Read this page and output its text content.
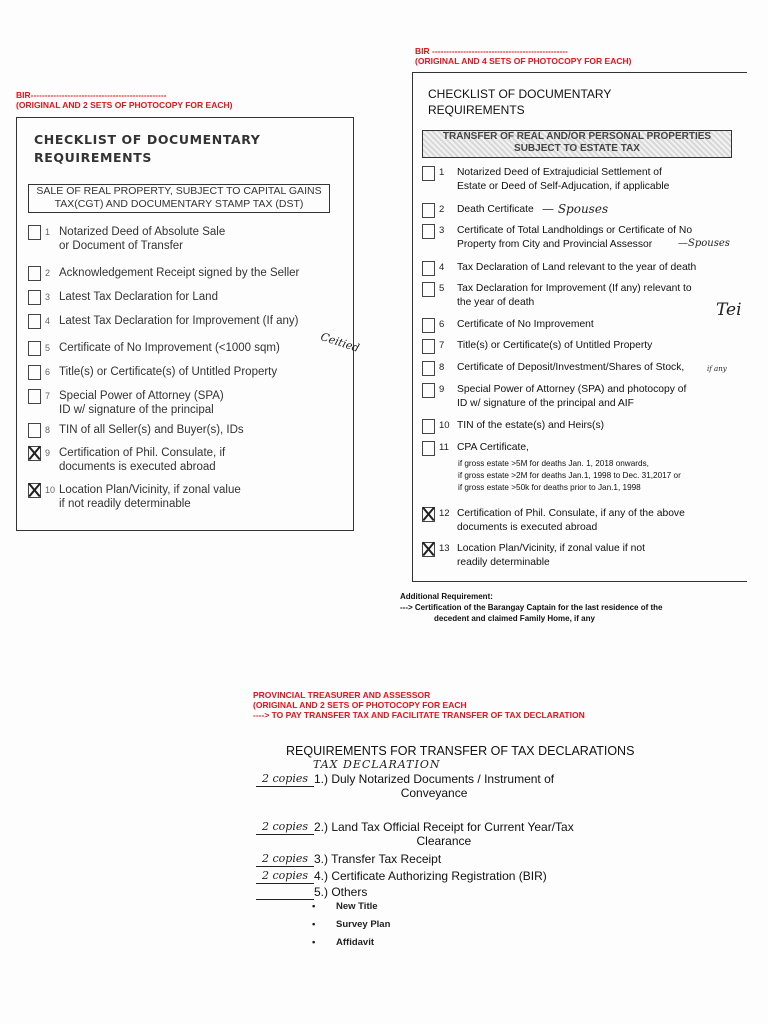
BIR------------------------------------------------
(ORIGINAL AND 2 SETS OF PHOTOCOPY FOR EACH)
CHECKLIST OF DOCUMENTARY
REQUIREMENTS
SALE OF REAL PROPERTY, SUBJECT TO CAPITAL GAINS
TAX(CGT) AND DOCUMENTARY STAMP TAX (DST)
1 Notarized Deed of Absolute Sale
or Document of Transfer
2 Acknowledgement Receipt signed by the Seller
3 Latest Tax Declaration for Land
4 Latest Tax Declaration for Improvement (If any)
5 Certificate of No Improvement (<1000 sqm)
6 Title(s) or Certificate(s) of Untitled Property
7 Special Power of Attorney (SPA)
ID w/ signature of the principal
8 TIN of all Seller(s) and Buyer(s), IDs
9 Certification of Phil. Consulate, if
documents is executed abroad
10 Location Plan/Vicinity, if zonal value
if not readily determinable
Ceitied
BIR ------------------------------------------------
(ORIGINAL AND 4 SETS OF PHOTOCOPY FOR EACH)
CHECKLIST OF DOCUMENTARY
REQUIREMENTS
TRANSFER OF REAL AND/OR PERSONAL PROPERTIES
SUBJECT TO ESTATE TAX
1	Notarized Deed of Extrajudicial Settlement of
Estate or Deed of Self-Adjucation, if applicable
2	Death Certificate
3	Certificate of Total Landholdings or Certificate of No
Property from City and Provincial Assessor
4	Tax Declaration of Land relevant to the year of death
5	Tax Declaration for Improvement (If any) relevant to
the year of death
6	Certificate of No Improvement
7	Title(s) or Certificate(s) of Untitled Property
8	Certificate of Deposit/Investment/Shares of Stock,
9	Special Power of Attorney (SPA) and photocopy of
ID w/ signature of the principal and AIF
10 TIN of the estate(s) and Heirs(s)
11 CPA Certificate,
12 Certification of Phil. Consulate, if any of the above
documents is executed abroad
13 Location Plan/Vicinity, if zonal value if not
readily determinable
if gross estate >5M for deaths Jan. 1, 2018 onwards,
if gross estate >2M for deaths Jan.1, 1998 to Dec. 31,2017 or
if gross estate >50k for deaths prior to Jan.1, 1998
— Spouses
—Spouses
Tei
if any
Additional Requirement:
---> Certification of the Barangay Captain for the last residence of the
decedent and claimed Family Home, if any
PROVINCIAL TREASURER AND ASSESSOR
(ORIGINAL AND 2 SETS OF PHOTOCOPY FOR EACH
----> TO PAY TRANSFER TAX AND FACILITATE TRANSFER OF TAX DECLARATION
REQUIREMENTS FOR TRANSFER OF TAX DECLARATIONS
TAX DECLARATION
2 copies 1.) Duly Notarized Documents / Instrument of
Conveyance
2 copies 2.) Land Tax Official Receipt for Current Year/Tax
Clearance
2 copies 3.) Transfer Tax Receipt
2 copies 4.) Certificate Authorizing Registration (BIR)
5.) Others
• New Title
• Survey Plan
• Affidavit
